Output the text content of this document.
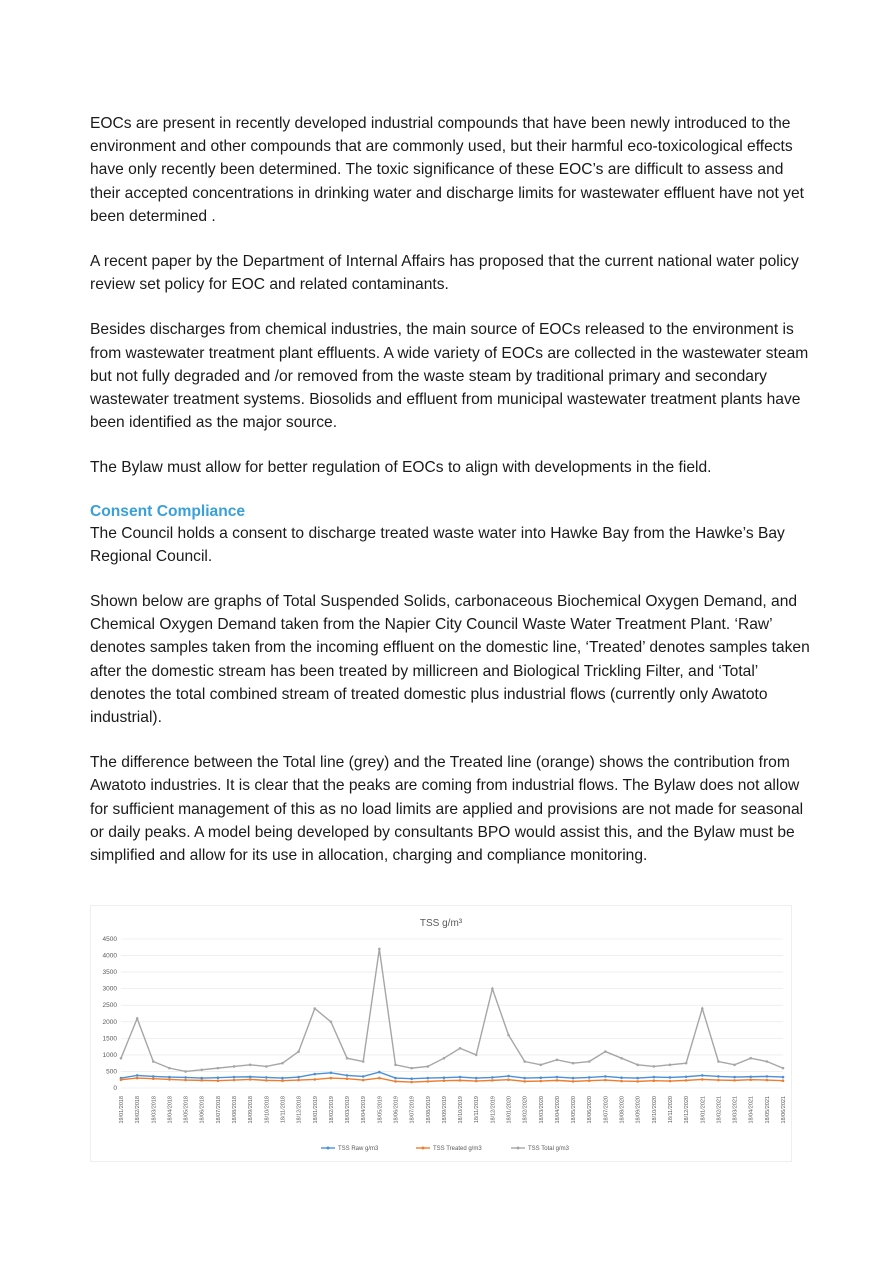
EOCs are present in recently developed industrial compounds that have been newly introduced to the environment and other compounds that are commonly used, but their harmful eco-toxicological effects have only recently been determined. The toxic significance of these EOC’s are difficult to assess and their accepted concentrations in drinking water and discharge limits for wastewater effluent have not yet been determined .

A recent paper by the Department of Internal Affairs has proposed that the current national water policy review set policy for EOC and related contaminants.

Besides discharges from chemical industries, the main source of EOCs released to the environment is from wastewater treatment plant effluents. A wide variety of EOCs are collected in the wastewater steam but not fully degraded and /or removed from the waste steam by traditional primary and secondary wastewater treatment systems. Biosolids and effluent from municipal wastewater treatment plants have been identified as the major source.

The Bylaw must allow for better regulation of EOCs to align with developments in the field.

Consent Compliance

The Council holds a consent to discharge treated waste water into Hawke Bay from the Hawke’s Bay Regional Council.

Shown below are graphs of Total Suspended Solids, carbonaceous Biochemical Oxygen Demand, and Chemical Oxygen Demand taken from the Napier City Council Waste Water Treatment Plant. ‘Raw’ denotes samples taken from the incoming effluent on the domestic line, ‘Treated’ denotes samples taken after the domestic stream has been treated by millicreen and Biological Trickling Filter, and ‘Total’ denotes the total combined stream of treated domestic plus industrial flows (currently only Awatoto industrial).

The difference between the Total line (grey) and the Treated line (orange) shows the contribution from Awatoto industries. It is clear that the peaks are coming from industrial flows. The Bylaw does not allow for sufficient management of this as no load limits are applied and provisions are not made for seasonal or daily peaks. A model being developed by consultants BPO would assist this, and the Bylaw must be simplified and allow for its use in allocation, charging and compliance monitoring.

TSS g/m³
4500
4000
3500
3000
2500
2000
1500
1000
500
0
19/01/2018 18/02/2018 18/03/2018 18/04/2018 18/05/2018 18/06/2018 18/07/2018 18/08/2018 18/09/2018 18/10/2018 18/11/2018 18/12/2018 18/01/2019 18/02/2019 18/03/2019 18/04/2019 18/05/2019 18/06/2019 18/07/2019 18/08/2019 18/09/2019 18/10/2019 18/11/2019 18/12/2019 18/01/2020 18/02/2020 18/03/2020 18/04/2020 18/05/2020 18/06/2020 18/07/2020 18/08/2020 18/09/2020 18/10/2020 18/11/2020 18/12/2020 18/01/2021 18/02/2021 18/03/2021 18/04/2021 18/05/2021 18/06/2021
TSS Raw g/m3	TSS Treated g/m3	TSS Total g/m3
